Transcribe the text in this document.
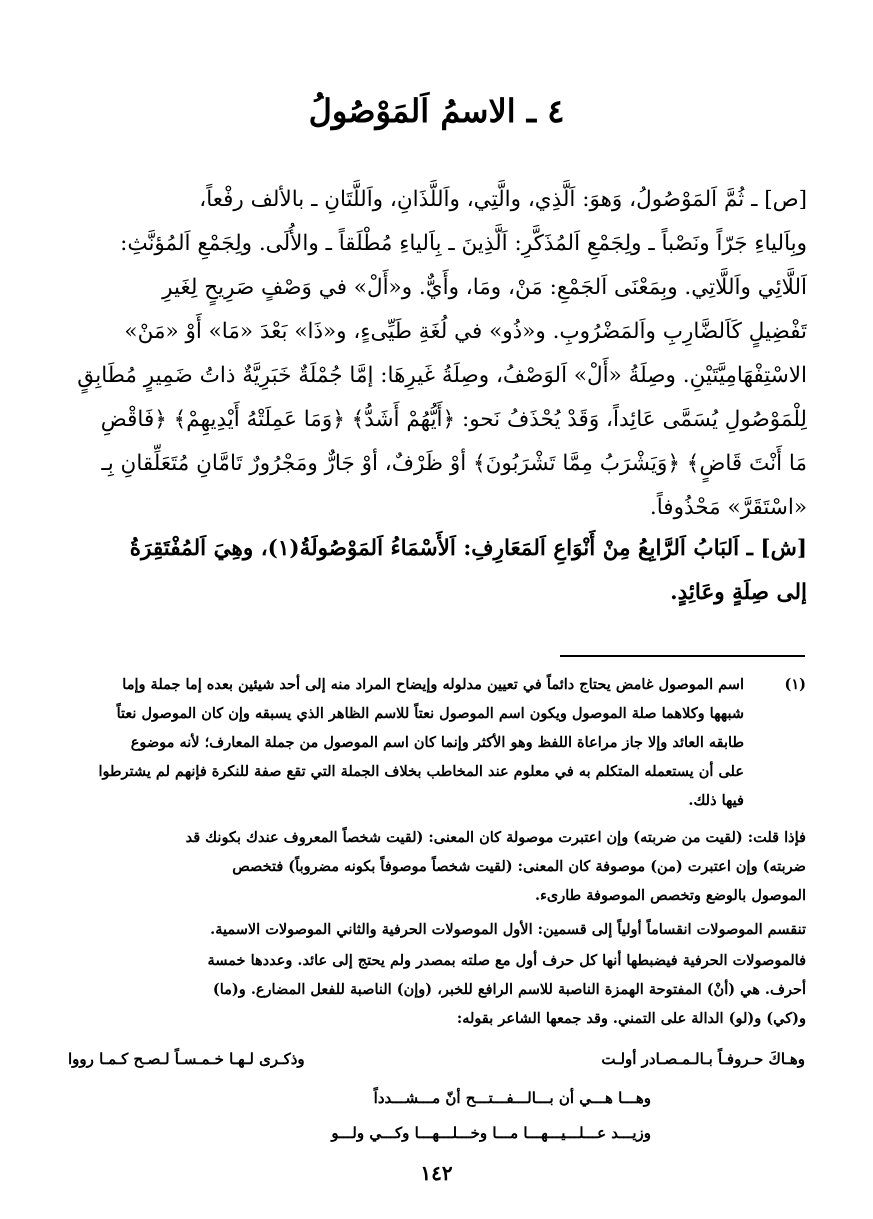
٤ ـ الاسمُ اَلمَوْصُولُ
[ص] ـ ثُمَّ اَلمَوْصُولُ، وَهوَ: اَلَّذِي، والَّتِي، واَللَّذَانِ، واَللَّتَانِ ـ بالألف رفْعاً،
وبِاَلياءِ جَرّاً ونَصْباً ـ ولِجَمْعِ اَلمُذَكَّرِ: اَلَّذِينَ ـ بِاَلياءِ مُطْلَقاً ـ والأُلَى. ولِجَمْعِ اَلمُؤنَّثِ:
اَللَّائِي واَللَّاتِي. وبِمَعْنَى اَلجَمْعِ: مَنْ، ومَا، وأَيٌّ. و«أَلْ» في وَصْفٍ صَرِيحٍ لِغَيرِ
تَفْضِيلٍ كَاَلضَّارِبِ واَلمَضْرُوبِ. و«ذُو» في لُغَةِ طَيِّىءٍ، و«ذَا» بَعْدَ «مَا» أَوْ «مَنْ»
الاسْتِفْهَامِيَّتَيْنِ. وصِلَةُ «أَلْ» اَلوَصْفُ، وصِلَةُ غَيرِهَا: إمَّا جُمْلَةٌ خَبَرِيَّةٌ ذاتُ ضَمِيرٍ مُطَابِقٍ
لِلْمَوْصُولِ يُسَمَّى عَائِداً، وَقَدْ يُحْذَفُ نَحو: ﴿أَيُّهُمْ أَشَدُّ﴾ ﴿وَمَا عَمِلَتْهُ أَيْدِيهِمْ﴾ ﴿فَاقْضِ
مَا أَنْتَ قَاضٍ﴾ ﴿وَيَشْرَبُ مِمَّا تَشْرَبُونَ﴾ أوْ ظَرْفٌ، أوْ جَارٌّ ومَجْرُورٌ تَامَّانِ مُتَعَلِّقانِ بِـ
«اسْتَقَرَّ» مَحْذُوفاً.
[ش] ـ اَلبَابُ اَلرَّابِعُ مِنْ أَنْوَاعِ اَلمَعَارِفِ: اَلأَسْمَاءُ اَلمَوْصُولَةُ(١)، وهِيَ اَلمُفْتَقِرَةُ
إلى صِلَةٍ وعَائِدٍ.
(١)
اسم الموصول غامض يحتاج دائماً في تعيين مدلوله وإيضاح المراد منه إلى أحد شيئين بعده إما جملة وإما
شبهها وكلاهما صلة الموصول ويكون اسم الموصول نعتاً للاسم الظاهر الذي يسبقه وإن كان الموصول نعتاً
طابقه العائد وإلا جاز مراعاة اللفظ وهو الأكثر وإنما كان اسم الموصول من جملة المعارف؛ لأنه موضوع
على أن يستعمله المتكلم به في معلوم عند المخاطب بخلاف الجملة التي تقع صفة للنكرة فإنهم لم يشترطوا
فيها ذلك.
فإذا قلت: (لقيت من ضربته) وإن اعتبرت موصولة كان المعنى: (لقيت شخصاً المعروف عندك بكونك قد
ضربته) وإن اعتبرت (من) موصوفة كان المعنى: (لقيت شخصاً موصوفاً بكونه مضروباً) فتخصص
الموصول بالوضع وتخصص الموصوفة طارىء.
تنقسم الموصولات انقساماً أولياً إلى قسمين: الأول الموصولات الحرفية والثاني الموصولات الاسمية.
فالموصولات الحرفية فيضبطها أنها كل حرف أول مع صلته بمصدر ولم يحتج إلى عائد. وعددها خمسة
أحرف. هي (أنْ) المفتوحة الهمزة الناصبة للاسم الرافع للخبر، (وإن) الناصبة للفعل المضارع. و(ما)
و(كي) و(لو) الدالة على التمني. وقد جمعها الشاعر بقوله:
وهـاكَ حـروفـاً بـالـمـصـادر أولـت
وذكـرى لـهـا خـمـسـاً لـصـح كـمـا رووا
وهـــا هـــي أن بـــالـــفـــتـــح أنّ مـــشـــدداً
وزيـــد عـــلـــيـــهـــا مـــا وخـــلـــهـــا وكـــي ولـــو
١٤٢
